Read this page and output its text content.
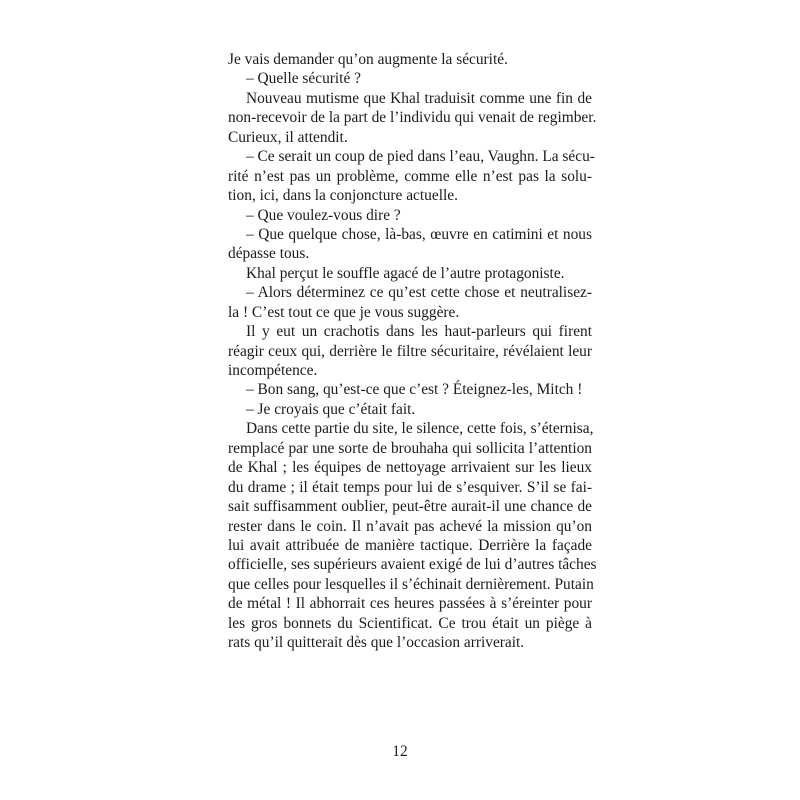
Je vais demander qu’on augmente la sécurité.
– Quelle sécurité ?
Nouveau mutisme que Khal traduisit comme une fin de
non-recevoir de la part de l’individu qui venait de regimber.
Curieux, il attendit.
– Ce serait un coup de pied dans l’eau, Vaughn. La sécu-
rité n’est pas un problème, comme elle n’est pas la solu-
tion, ici, dans la conjoncture actuelle.
– Que voulez-vous dire ?
– Que quelque chose, là-bas, œuvre en catimini et nous
dépasse tous.
Khal perçut le souffle agacé de l’autre protagoniste.
– Alors déterminez ce qu’est cette chose et neutralisez-
la ! C’est tout ce que je vous suggère.
Il y eut un crachotis dans les haut-parleurs qui firent
réagir ceux qui, derrière le filtre sécuritaire, révélaient leur
incompétence.
– Bon sang, qu’est-ce que c’est ? Éteignez-les, Mitch !
– Je croyais que c’était fait.
Dans cette partie du site, le silence, cette fois, s’éternisa,
remplacé par une sorte de brouhaha qui sollicita l’attention
de Khal ; les équipes de nettoyage arrivaient sur les lieux
du drame ; il était temps pour lui de s’esquiver. S’il se fai-
sait suffisamment oublier, peut-être aurait-il une chance de
rester dans le coin. Il n’avait pas achevé la mission qu’on
lui avait attribuée de manière tactique. Derrière la façade
officielle, ses supérieurs avaient exigé de lui d’autres tâches
que celles pour lesquelles il s’échinait dernièrement. Putain
de métal ! Il abhorrait ces heures passées à s’éreinter pour
les gros bonnets du Scientificat. Ce trou était un piège à
rats qu’il quitterait dès que l’occasion arriverait.
12
